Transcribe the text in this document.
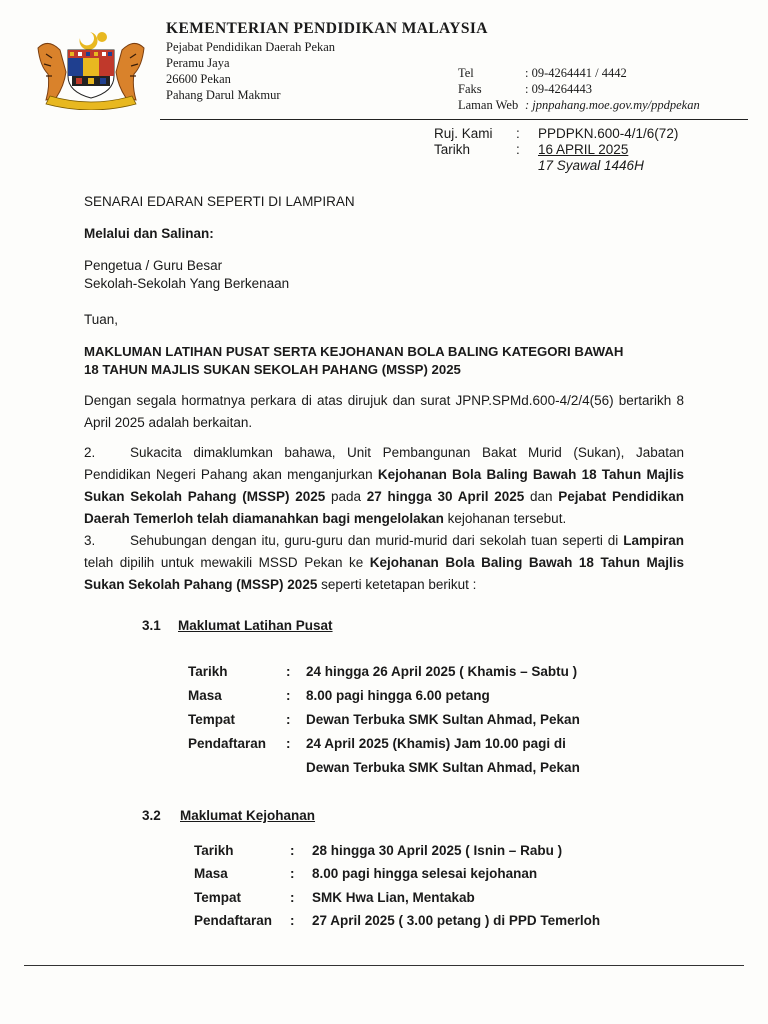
KEMENTERIAN PENDIDIKAN MALAYSIA
Pejabat Pendidikan Daerah Pekan
Peramu Jaya
26600 Pekan
Pahang Darul Makmur
Tel	: 09-4264441 / 4442
Faks	: 09-4264443
Laman Web : jpnpahang.moe.gov.my/ppdpekan
Ruj. Kami : PPDPKN.600-4/1/6(72)
Tarikh	: 16 APRIL 2025
17 Syawal 1446H
SENARAI EDARAN SEPERTI DI LAMPIRAN
Melalui dan Salinan:
Pengetua / Guru Besar
Sekolah-Sekolah Yang Berkenaan
Tuan,
MAKLUMAN LATIHAN PUSAT SERTA KEJOHANAN BOLA BALING KATEGORI BAWAH
18 TAHUN MAJLIS SUKAN SEKOLAH PAHANG (MSSP) 2025
Dengan segala hormatnya perkara di atas dirujuk dan surat JPNP.SPMd.600-4/2/4(56) bertarikh 8 April 2025 adalah berkaitan.
2.	Sukacita dimaklumkan bahawa, Unit Pembangunan Bakat Murid (Sukan), Jabatan Pendidikan Negeri Pahang akan menganjurkan Kejohanan Bola Baling Bawah 18 Tahun Majlis Sukan Sekolah Pahang (MSSP) 2025 pada 27 hingga 30 April 2025 dan Pejabat Pendidikan Daerah Temerloh telah diamanahkan bagi mengelolakan kejohanan tersebut.
3.	Sehubungan dengan itu, guru-guru dan murid-murid dari sekolah tuan seperti di Lampiran telah dipilih untuk mewakili MSSD Pekan ke Kejohanan Bola Baling Bawah 18 Tahun Majlis Sukan Sekolah Pahang (MSSP) 2025 seperti ketetapan berikut :
3.1 Maklumat Latihan Pusat
Tarikh	: 24 hingga 26 April 2025 ( Khamis – Sabtu )
Masa	: 8.00 pagi hingga 6.00 petang
Tempat	: Dewan Terbuka SMK Sultan Ahmad, Pekan
Pendaftaran : 24 April 2025 (Khamis) Jam 10.00 pagi di
Dewan Terbuka SMK Sultan Ahmad, Pekan
3.2 Maklumat Kejohanan
Tarikh	: 28 hingga 30 April 2025 ( Isnin – Rabu )
Masa	: 8.00 pagi hingga selesai kejohanan
Tempat	: SMK Hwa Lian, Mentakab
Pendaftaran : 27 April 2025 ( 3.00 petang ) di PPD Temerloh
